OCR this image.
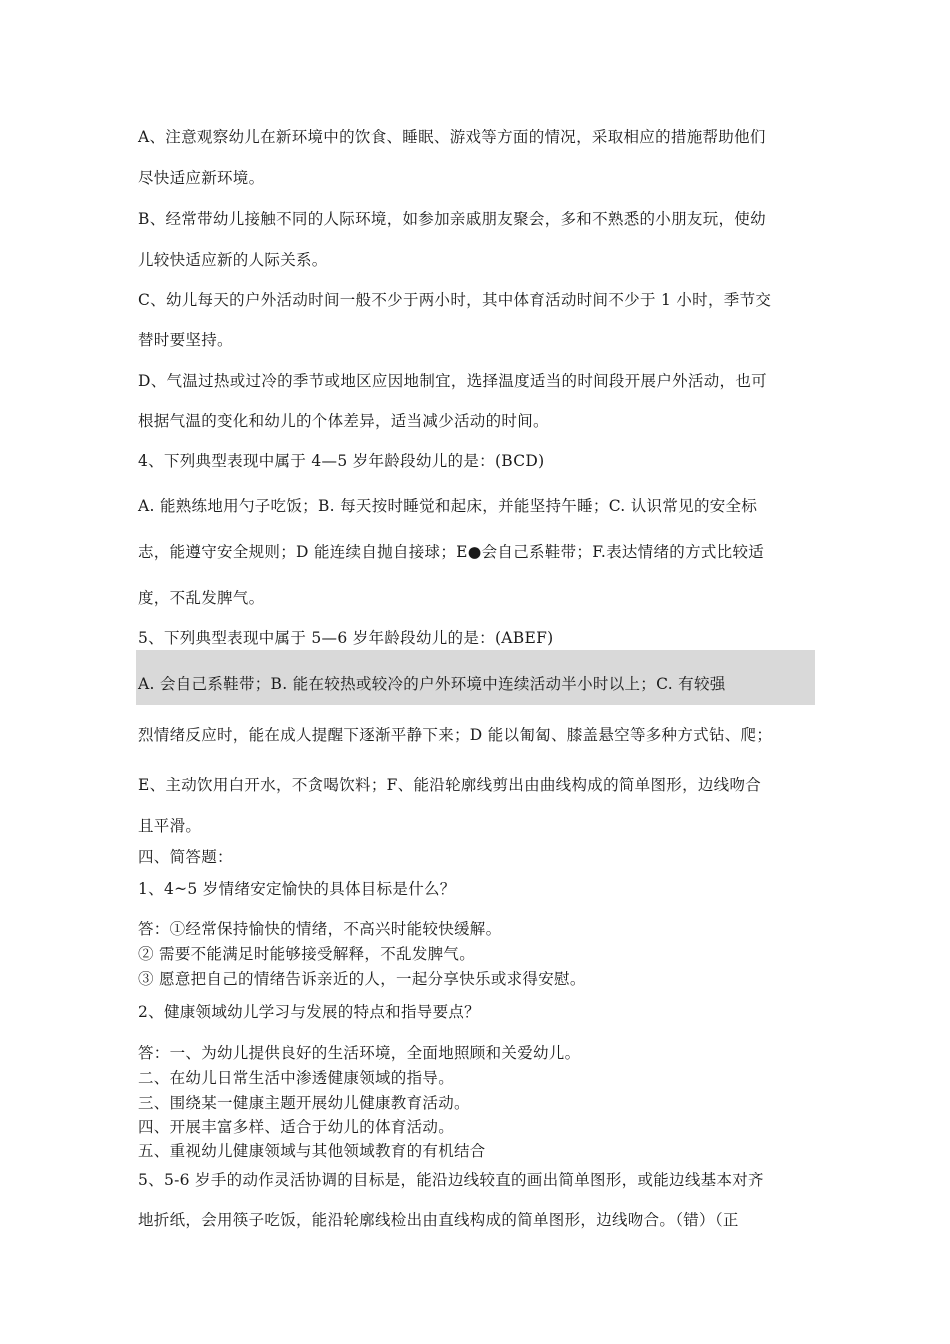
A、注意观察幼儿在新环境中的饮食、睡眠、游戏等方面的情况，采取相应的措施帮助他们
尽快适应新环境。
B、经常带幼儿接触不同的人际环境，如参加亲戚朋友聚会，多和不熟悉的小朋友玩，使幼
儿较快适应新的人际关系。
C、幼儿每天的户外活动时间一般不少于两小时，其中体育活动时间不少于 1 小时，季节交
替时要坚持。
D、气温过热或过冷的季节或地区应因地制宜，选择温度适当的时间段开展户外活动，也可
根据气温的变化和幼儿的个体差异，适当减少活动的时间。
4、下列典型表现中属于 4—5 岁年龄段幼儿的是：(BCD)
A. 能熟练地用勺子吃饭；B. 每天按时睡觉和起床，并能坚持午睡；C. 认识常见的安全标
志，能遵守安全规则；D 能连续自抛自接球；E●会自己系鞋带；F.表达情绪的方式比较适
度，不乱发脾气。
5、下列典型表现中属于 5—6 岁年龄段幼儿的是：(ABEF)
A. 会自己系鞋带；B. 能在较热或较冷的户外环境中连续活动半小时以上；C. 有较强
烈情绪反应时，能在成人提醒下逐渐平静下来；D 能以匍匐、膝盖悬空等多种方式钻、爬；
E、主动饮用白开水，不贪喝饮料；F、能沿轮廓线剪出由曲线构成的简单图形，边线吻合
且平滑。
四、简答题：
1、4~5 岁情绪安定愉快的具体目标是什么？
答：①经常保持愉快的情绪，不高兴时能较快缓解。
② 需要不能满足时能够接受解释，不乱发脾气。
③ 愿意把自己的情绪告诉亲近的人，一起分享快乐或求得安慰。
2、健康领域幼儿学习与发展的特点和指导要点？
答：一、为幼儿提供良好的生活环境，全面地照顾和关爱幼儿。
二、在幼儿日常生活中渗透健康领域的指导。
三、围绕某一健康主题开展幼儿健康教育活动。
四、开展丰富多样、适合于幼儿的体育活动。
五、重视幼儿健康领域与其他领域教育的有机结合
5、5-6 岁手的动作灵活协调的目标是，能沿边线较直的画出简单图形，或能边线基本对齐
地折纸，会用筷子吃饭，能沿轮廓线检出由直线构成的简单图形，边线吻合。（错）（正
